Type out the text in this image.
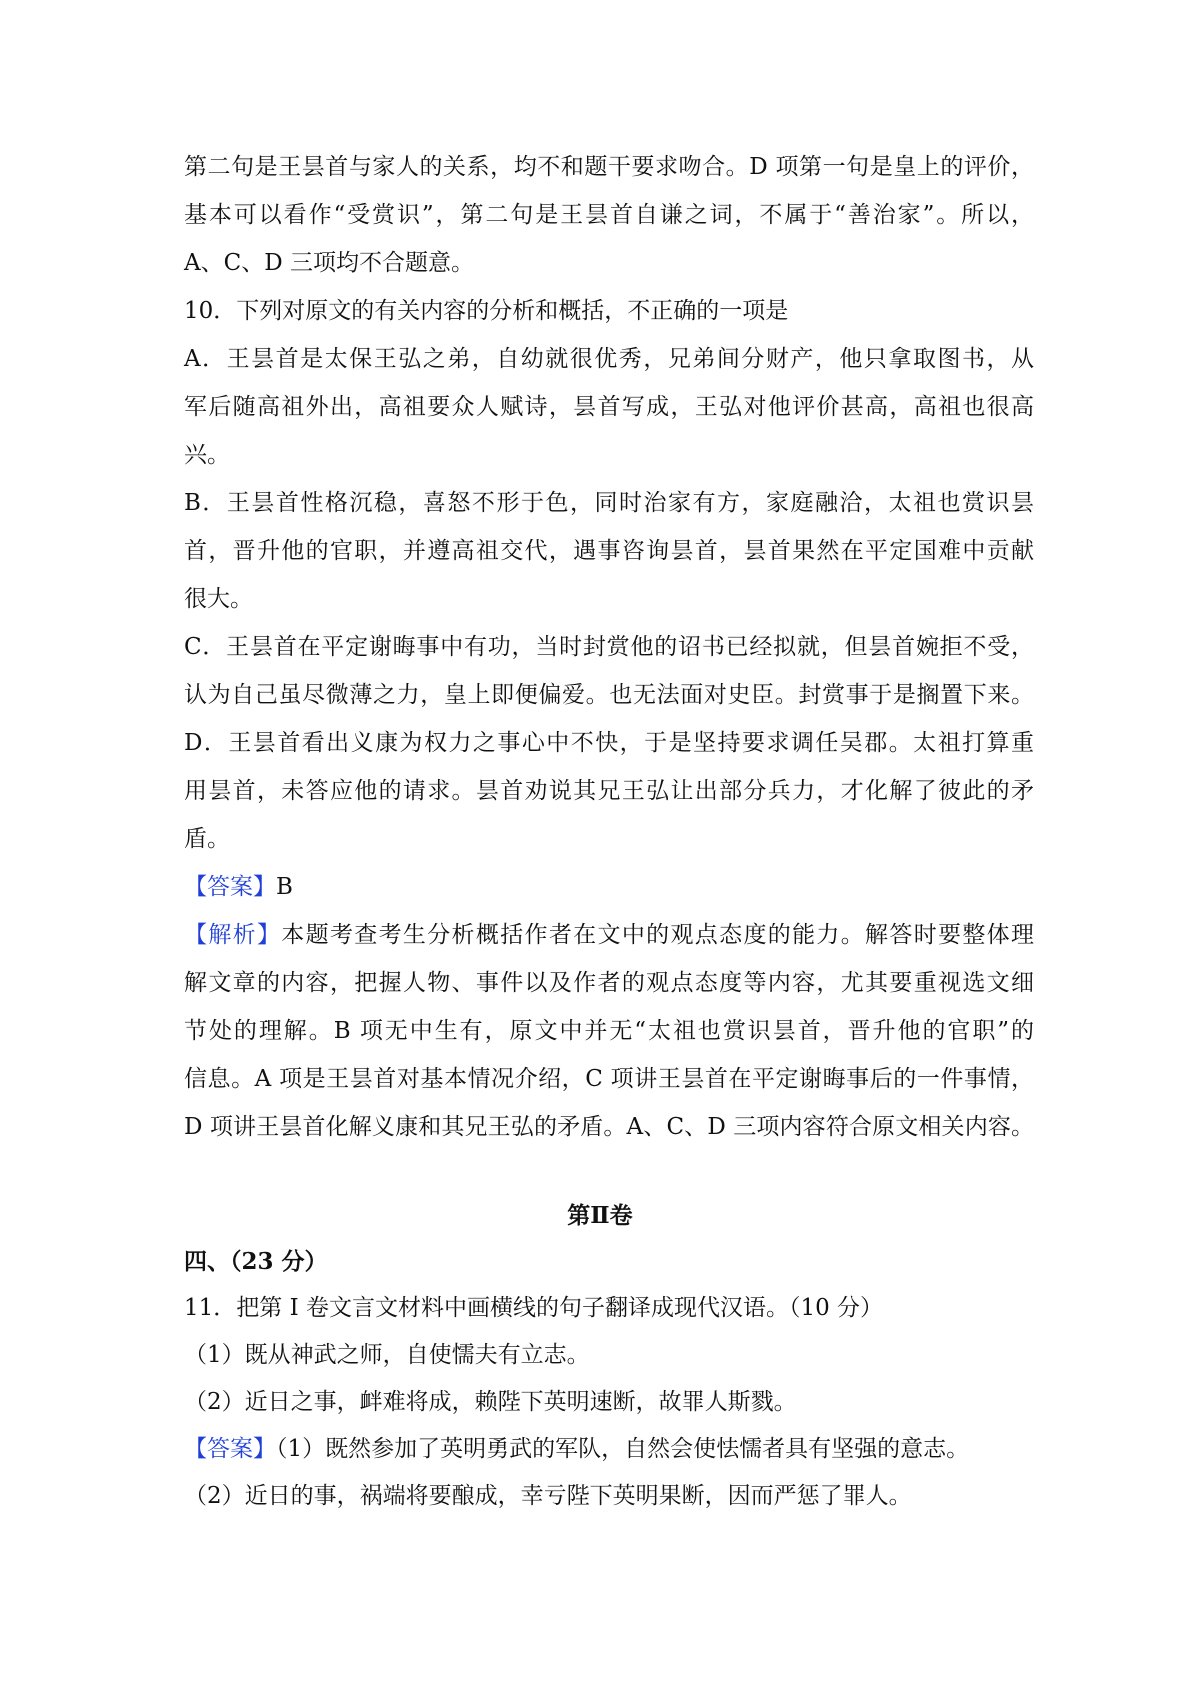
第二句是王昙首与家人的关系，均不和题干要求吻合。D 项第一句是皇上的评价，
基本可以看作“受赏识”，第二句是王昙首自谦之词，不属于“善治家”。所以，
A、C、D 三项均不合题意。
10．下列对原文的有关内容的分析和概括，不正确的一项是
A．王昙首是太保王弘之弟，自幼就很优秀，兄弟间分财产，他只拿取图书，从
军后随高祖外出，高祖要众人赋诗，昙首写成，王弘对他评价甚高，高祖也很高
兴。
B．王昙首性格沉稳，喜怒不形于色，同时治家有方，家庭融洽，太祖也赏识昙
首，晋升他的官职，并遵高祖交代，遇事咨询昙首，昙首果然在平定国难中贡献
很大。
C．王昙首在平定谢晦事中有功，当时封赏他的诏书已经拟就，但昙首婉拒不受，
认为自己虽尽微薄之力，皇上即便偏爱。也无法面对史臣。封赏事于是搁置下来。
D．王昙首看出义康为权力之事心中不快，于是坚持要求调任吴郡。太祖打算重
用昙首，未答应他的请求。昙首劝说其兄王弘让出部分兵力，才化解了彼此的矛
盾。
【答案】B
【解析】本题考查考生分析概括作者在文中的观点态度的能力。解答时要整体理
解文章的内容，把握人物、事件以及作者的观点态度等内容，尤其要重视选文细
节处的理解。B 项无中生有，原文中并无“太祖也赏识昙首，晋升他的官职”的
信息。A 项是王昙首对基本情况介绍，C 项讲王昙首在平定谢晦事后的一件事情，
D 项讲王昙首化解义康和其兄王弘的矛盾。A、C、D 三项内容符合原文相关内容。
第Ⅱ卷
四、（23 分）
11．把第 I 卷文言文材料中画横线的句子翻译成现代汉语。（10 分）
（1）既从神武之师，自使懦夫有立志。
（2）近日之事，衅难将成，赖陛下英明速断，故罪人斯戮。
【答案】（1）既然参加了英明勇武的军队，自然会使怯懦者具有坚强的意志。
（2）近日的事，祸端将要酿成，幸亏陛下英明果断，因而严惩了罪人。
